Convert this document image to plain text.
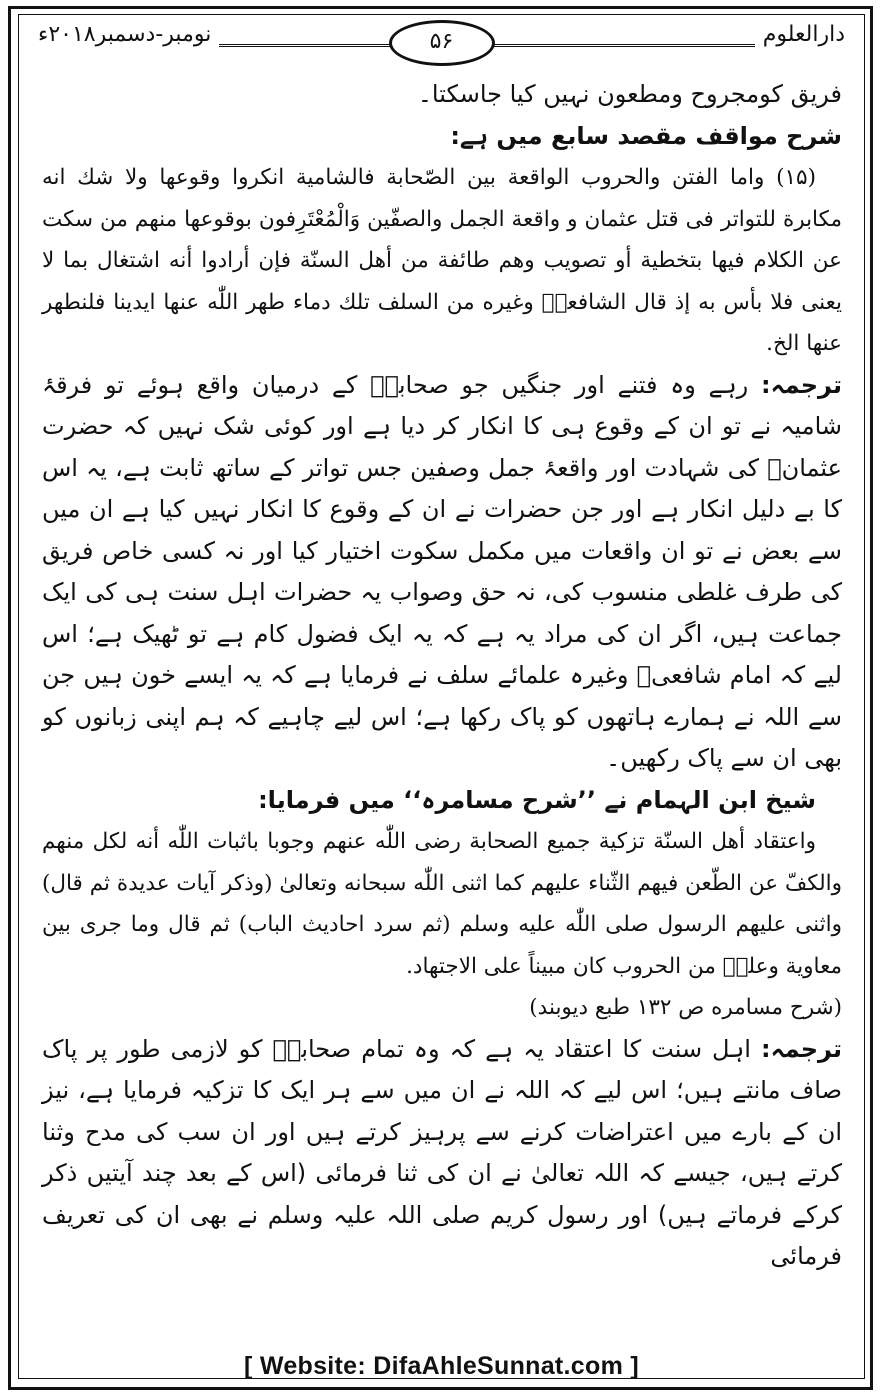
نومبر-دسمبر۲۰۱۸ء	۵۶	دارالعلوم

فریق کومجروح ومطعون نہیں کیا جاسکتا۔

شرح مواقف مقصد سابع میں ہے:

(۱۵) واما الفتن والحروب الواقعة بين الصّحابة فالشامية انكروا وقوعها ولا شك انه مكابرة للتواتر فى قتل عثمان و واقعة الجمل والصفّين وَالْمُعْتَرِفون بوقوعها منهم من سكت عن الكلام فيها بتخطية أو تصويب وهم طائفة من أهل السنّة فإن أرادوا أنه اشتغال بما لا يعنى فلا بأس به إذ قال الشافعیؒ وغيره من السلف تلك دماء طهر اللّٰه عنها ايدينا فلنطهر عنها الخ.

ترجمہ: رہے وہ فتنے اور جنگیں جو صحابہؓ کے درمیان واقع ہوئے تو فرقۂ شامیہ نے تو ان کے وقوع ہی کا انکار کر دیا ہے اور کوئی شک نہیں کہ حضرت عثمانؓ کی شہادت اور واقعۂ جمل وصفین جس تواتر کے ساتھ ثابت ہے، یہ اس کا بے دلیل انکار ہے اور جن حضرات نے ان کے وقوع کا انکار نہیں کیا ہے ان میں سے بعض نے تو ان واقعات میں مکمل سکوت اختیار کیا اور نہ کسی خاص فریق کی طرف غلطی منسوب کی، نہ حق وصواب یہ حضرات اہل سنت ہی کی ایک جماعت ہیں، اگر ان کی مراد یہ ہے کہ یہ ایک فضول کام ہے تو ٹھیک ہے؛ اس لیے کہ امام شافعیؒ وغیرہ علمائے سلف نے فرمایا ہے کہ یہ ایسے خون ہیں جن سے اللہ نے ہمارے ہاتھوں کو پاک رکھا ہے؛ اس لیے چاہیے کہ ہم اپنی زبانوں کو بھی ان سے پاک رکھیں۔

شیخ ابن الہمام نے ’’شرح مسامرہ‘‘ میں فرمایا:

واعتقاد أهل السنّة تزكية جميع الصحابة رضى اللّٰه عنهم وجوبا باثبات اللّٰه أنه لكل منهم والكفّ عن الطّعن فيهم الثّناء عليهم كما اثنى اللّٰه سبحانه وتعالىٰ (وذكر آيات عديدة ثم قال) واثنى عليهم الرسول صلى اللّٰه عليه وسلم (ثم سرد احاديث الباب) ثم قال وما جرى بين معاوية وعلیؓ من الحروب كان مبيناً على الاجتهاد.

(شرح مسامره ص ۱۳۲ طبع ديوبند)

ترجمہ: اہل سنت کا اعتقاد یہ ہے کہ وہ تمام صحابہؓ کو لازمی طور پر پاک صاف مانتے ہیں؛ اس لیے کہ اللہ نے ان میں سے ہر ایک کا تزکیہ فرمایا ہے، نیز ان کے بارے میں اعتراضات کرنے سے پرہیز کرتے ہیں اور ان سب کی مدح وثنا کرتے ہیں، جیسے کہ اللہ تعالیٰ نے ان کی ثنا فرمائی (اس کے بعد چند آیتیں ذکر کرکے فرماتے ہیں) اور رسول کریم صلی اللہ علیہ وسلم نے بھی ان کی تعریف فرمائی

[ Website: DifaAhleSunnat.com ]
